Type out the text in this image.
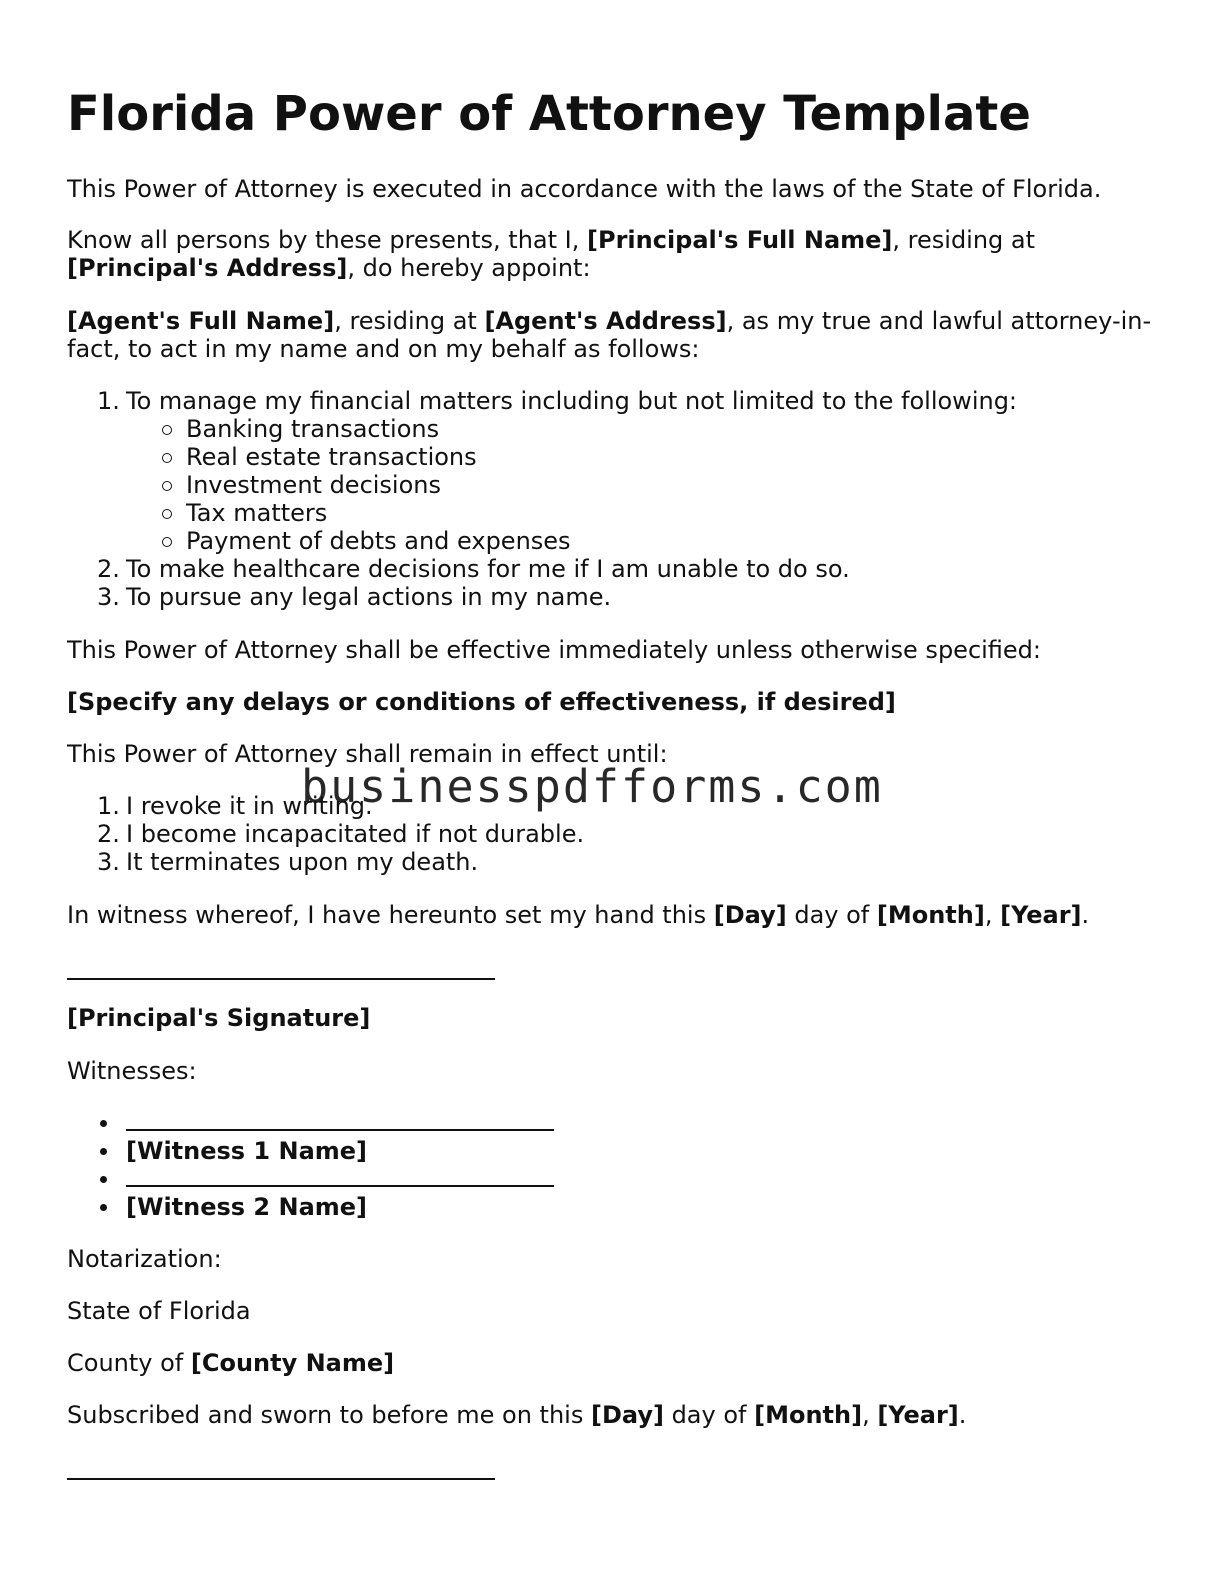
Florida Power of Attorney Template

This Power of Attorney is executed in accordance with the laws of the State of Florida.

Know all persons by these presents, that I, [Principal's Full Name], residing at
[Principal's Address], do hereby appoint:

[Agent's Full Name], residing at [Agent's Address], as my true and lawful attorney-in-
fact, to act in my name and on my behalf as follows:

1. To manage my financial matters including but not limited to the following:
Banking transactions
Real estate transactions
Investment decisions
Tax matters
Payment of debts and expenses
2. To make healthcare decisions for me if I am unable to do so.
3. To pursue any legal actions in my name.

This Power of Attorney shall be effective immediately unless otherwise specified:

[Specify any delays or conditions of effectiveness, if desired]

This Power of Attorney shall remain in effect until:

1. I revoke it in writing.
2. I become incapacitated if not durable.
3. It terminates upon my death.

In witness whereof, I have hereunto set my hand this [Day] day of [Month], [Year].

[Principal's Signature]

Witnesses:

[Witness 1 Name]
[Witness 2 Name]

Notarization:

State of Florida

County of [County Name]

Subscribed and sworn to before me on this [Day] day of [Month], [Year].

businesspdfforms.com
